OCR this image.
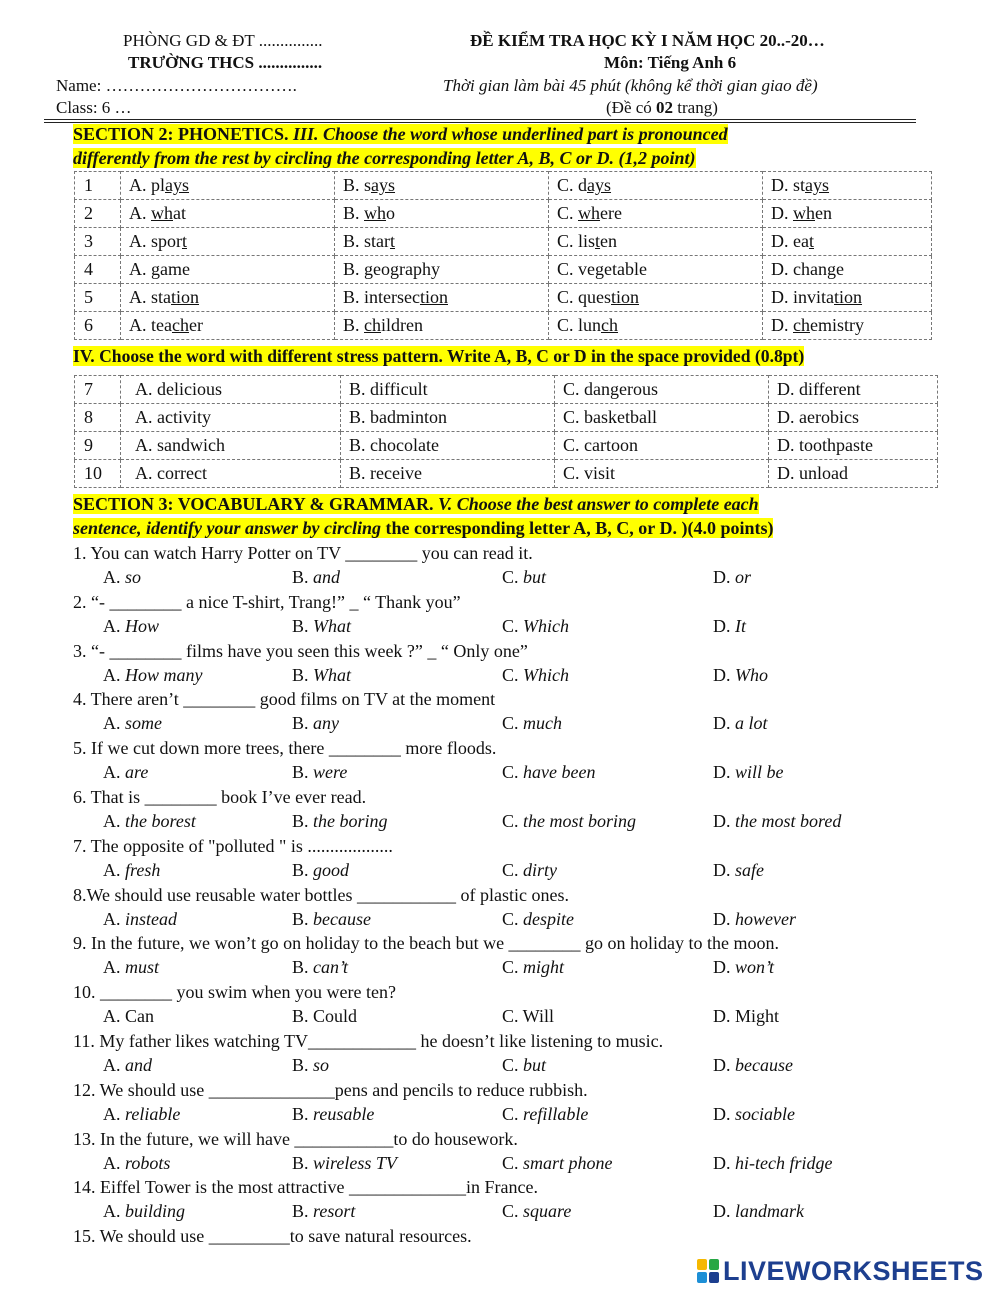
PHÒNG GD & ĐT ...............
TRƯỜNG THCS ...............
Name: …………………………….
Class: 6 …
ĐỀ KIỂM TRA HỌC KỲ I NĂM HỌC 20..-20…
Môn: Tiếng Anh 6
Thời gian làm bài 45 phút (không kể thời gian giao đề)
(Đề có 02 trang)
SECTION 2: PHONETICS. III. Choose the word whose underlined part is pronounced
differently from the rest by circling the corresponding letter A, B, C or D. (1,2 point)
1	A. plays	B. says	C. days	D. stays
2	A. what	B. who	C. where	D. when
3	A. sport	B. start	C. listen	D. eat
4	A. game	B. geography	C. vegetable	D. change
5	A. station	B. intersection	C. question	D. invitation
6	A. teacher	B. children	C. lunch	D. chemistry
IV. Choose the word with different stress pattern. Write A, B, C or D in the space provided (0.8pt)
7	A. delicious	B. difficult	C. dangerous	D. different
8	A. activity	B. badminton	C. basketball	D. aerobics
9	A. sandwich	B. chocolate	C. cartoon	D. toothpaste
10	A. correct	B. receive	C. visit	D. unload
SECTION 3: VOCABULARY & GRAMMAR. V. Choose the best answer to complete each
sentence, identify your answer by circling the corresponding letter A, B, C, or D. )(4.0 points)
1. You can watch Harry Potter on TV ________ you can read it.
A. so	B. and	C. but	D. or
2. “- ________ a nice T-shirt, Trang!” _ “ Thank you”
A. How	B. What	C. Which	D. It
3. “- ________ films have you seen this week ?” _ “ Only one”
A. How many	B. What	C. Which	D. Who
4. There aren’t ________ good films on TV at the moment
A. some	B. any	C. much	D. a lot
5. If we cut down more trees, there ________ more floods.
A. are	B. were	C. have been	D. will be
6. That is ________ book I’ve ever read.
A. the borest	B. the boring	C. the most boring	D. the most bored
7. The opposite of "polluted " is ...................
A. fresh	B. good	C. dirty	D. safe
8.We should use reusable water bottles ___________ of plastic ones.
A. instead	B. because	C. despite	D. however
9. In the future, we won’t go on holiday to the beach but we ________ go on holiday to the moon.
A. must	B. can’t	C. might	D. won’t
10. ________ you swim when you were ten?
A. Can	B. Could	C. Will	D. Might
11. My father likes watching TV____________ he doesn’t like listening to music.
A. and	B. so	C. but	D. because
12. We should use ______________pens and pencils to reduce rubbish.
A. reliable	B. reusable	C. refillable	D. sociable
13. In the future, we will have ___________to do housework.
A. robots	B. wireless TV	C. smart phone	D. hi-tech fridge
14. Eiffel Tower is the most attractive _____________in France.
A. building	B. resort	C. square	D. landmark
15. We should use _________to save natural resources.
LIVEWORKSHEETS
